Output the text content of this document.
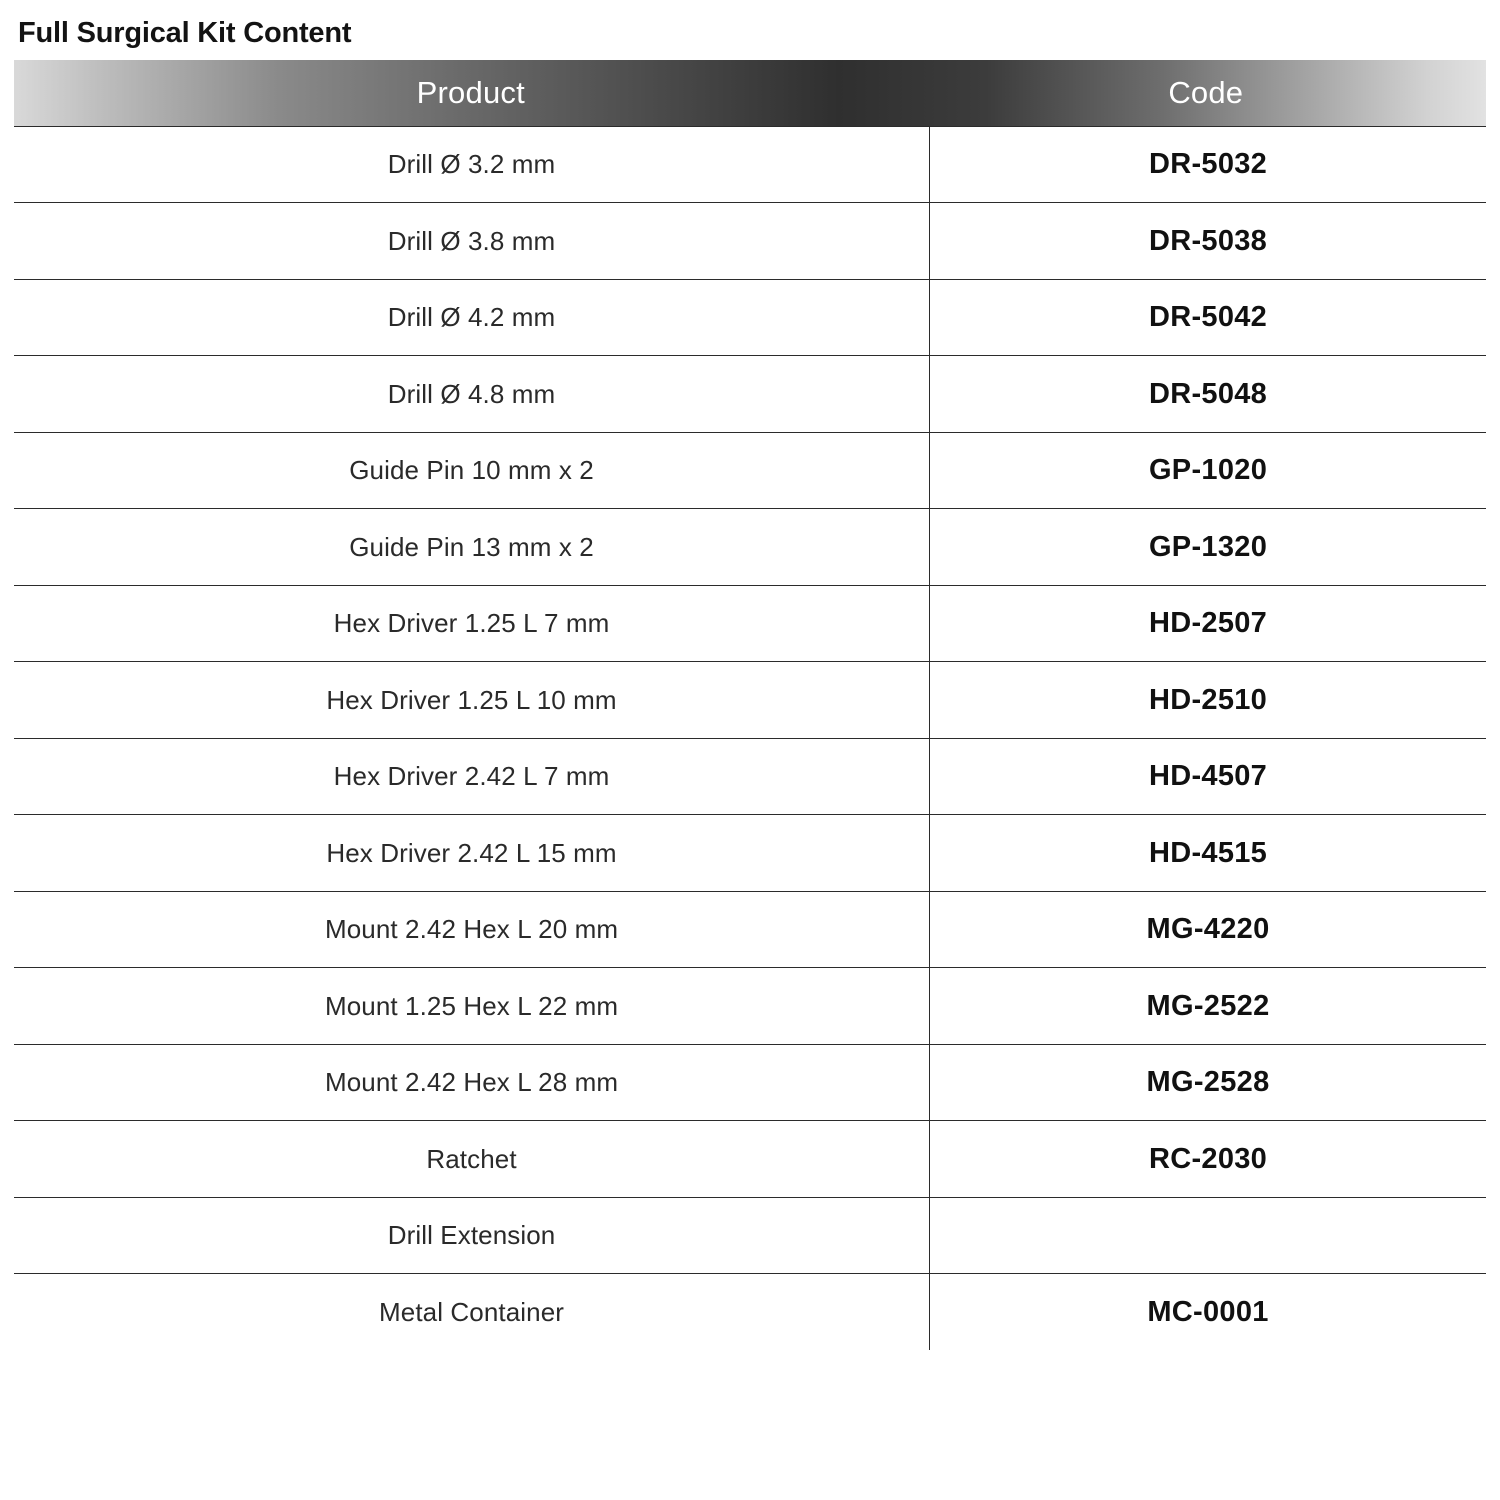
Full Surgical Kit Content
Product	Code
Drill Ø 3.2 mm	DR-5032
Drill Ø 3.8 mm	DR-5038
Drill Ø 4.2 mm	DR-5042
Drill Ø 4.8 mm	DR-5048
Guide Pin 10 mm x 2	GP-1020
Guide Pin 13 mm x 2	GP-1320
Hex Driver 1.25 L 7 mm	HD-2507
Hex Driver 1.25 L 10 mm	HD-2510
Hex Driver 2.42 L 7 mm	HD-4507
Hex Driver 2.42 L 15 mm	HD-4515
Mount 2.42 Hex L 20 mm	MG-4220
Mount 1.25 Hex L 22 mm	MG-2522
Mount 2.42 Hex L 28 mm	MG-2528
Ratchet	RC-2030
Drill Extension	
Metal Container	MC-0001
